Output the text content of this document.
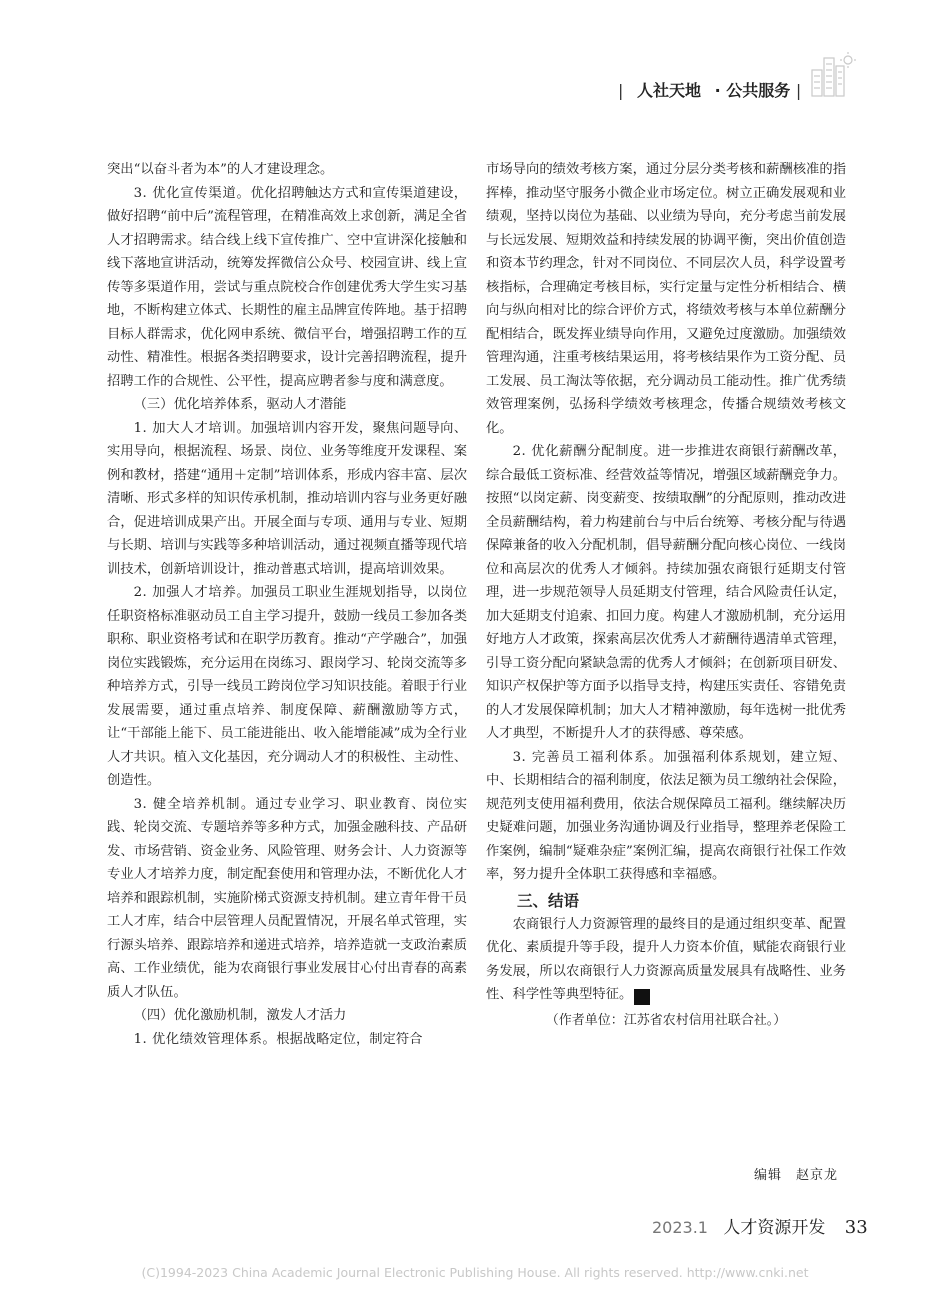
| 人社天地 · 公共服务 |

突出“以奋斗者为本”的人才建设理念。

3. 优化宣传渠道。优化招聘触达方式和宣传渠道建设，做好招聘“前中后”流程管理，在精准高效上求创新，满足全省人才招聘需求。结合线上线下宣传推广、空中宣讲深化接触和线下落地宣讲活动，统筹发挥微信公众号、校园宣讲、线上宣传等多渠道作用，尝试与重点院校合作创建优秀大学生实习基地，不断构建立体式、长期性的雇主品牌宣传阵地。基于招聘目标人群需求，优化网申系统、微信平台，增强招聘工作的互动性、精准性。根据各类招聘要求，设计完善招聘流程，提升招聘工作的合规性、公平性，提高应聘者参与度和满意度。

（三）优化培养体系，驱动人才潜能

1. 加大人才培训。加强培训内容开发，聚焦问题导向、实用导向，根据流程、场景、岗位、业务等维度开发课程、案例和教材，搭建“通用＋定制”培训体系，形成内容丰富、层次清晰、形式多样的知识传承机制，推动培训内容与业务更好融合，促进培训成果产出。开展全面与专项、通用与专业、短期与长期、培训与实践等多种培训活动，通过视频直播等现代培训技术，创新培训设计，推动普惠式培训，提高培训效果。

2. 加强人才培养。加强员工职业生涯规划指导，以岗位任职资格标准驱动员工自主学习提升，鼓励一线员工参加各类职称、职业资格考试和在职学历教育。推动“产学融合”，加强岗位实践锻炼，充分运用在岗练习、跟岗学习、轮岗交流等多种培养方式，引导一线员工跨岗位学习知识技能。着眼于行业发展需要，通过重点培养、制度保障、薪酬激励等方式，让“干部能上能下、员工能进能出、收入能增能减”成为全行业人才共识。植入文化基因，充分调动人才的积极性、主动性、创造性。

3. 健全培养机制。通过专业学习、职业教育、岗位实践、轮岗交流、专题培养等多种方式，加强金融科技、产品研发、市场营销、资金业务、风险管理、财务会计、人力资源等专业人才培养力度，制定配套使用和管理办法，不断优化人才培养和跟踪机制，实施阶梯式资源支持机制。建立青年骨干员工人才库，结合中层管理人员配置情况，开展名单式管理，实行源头培养、跟踪培养和递进式培养，培养造就一支政治素质高、工作业绩优，能为农商银行事业发展甘心付出青春的高素质人才队伍。

（四）优化激励机制，激发人才活力

1. 优化绩效管理体系。根据战略定位，制定符合

市场导向的绩效考核方案，通过分层分类考核和薪酬核准的指挥棒，推动坚守服务小微企业市场定位。树立正确发展观和业绩观，坚持以岗位为基础、以业绩为导向，充分考虑当前发展与长远发展、短期效益和持续发展的协调平衡，突出价值创造和资本节约理念，针对不同岗位、不同层次人员，科学设置考核指标，合理确定考核目标，实行定量与定性分析相结合、横向与纵向相对比的综合评价方式，将绩效考核与本单位薪酬分配相结合，既发挥业绩导向作用，又避免过度激励。加强绩效管理沟通，注重考核结果运用，将考核结果作为工资分配、员工发展、员工淘汰等依据，充分调动员工能动性。推广优秀绩效管理案例，弘扬科学绩效考核理念，传播合规绩效考核文化。

2. 优化薪酬分配制度。进一步推进农商银行薪酬改革，综合最低工资标准、经营效益等情况，增强区域薪酬竞争力。按照“以岗定薪、岗变薪变、按绩取酬”的分配原则，推动改进全员薪酬结构，着力构建前台与中后台统筹、考核分配与待遇保障兼备的收入分配机制，倡导薪酬分配向核心岗位、一线岗位和高层次的优秀人才倾斜。持续加强农商银行延期支付管理，进一步规范领导人员延期支付管理，结合风险责任认定，加大延期支付追索、扣回力度。构建人才激励机制，充分运用好地方人才政策，探索高层次优秀人才薪酬待遇清单式管理，引导工资分配向紧缺急需的优秀人才倾斜；在创新项目研发、知识产权保护等方面予以指导支持，构建压实责任、容错免责的人才发展保障机制；加大人才精神激励，每年选树一批优秀人才典型，不断提升人才的获得感、尊荣感。

3. 完善员工福利体系。加强福利体系规划，建立短、中、长期相结合的福利制度，依法足额为员工缴纳社会保险，规范列支使用福利费用，依法合规保障员工福利。继续解决历史疑难问题，加强业务沟通协调及行业指导，整理养老保险工作案例，编制“疑难杂症”案例汇编，提高农商银行社保工作效率，努力提升全体职工获得感和幸福感。

三、结语

农商银行人力资源管理的最终目的是通过组织变革、配置优化、素质提升等手段，提升人力资本价值，赋能农商银行业务发展，所以农商银行人力资源高质量发展具有战略性、业务性、科学性等典型特征。 R

（作者单位：江苏省农村信用社联合社。）
编辑　赵京龙
2023.1 人才资源开发 33
(C)1994-2023 China Academic Journal Electronic Publishing House. All rights reserved. http://www.cnki.net
